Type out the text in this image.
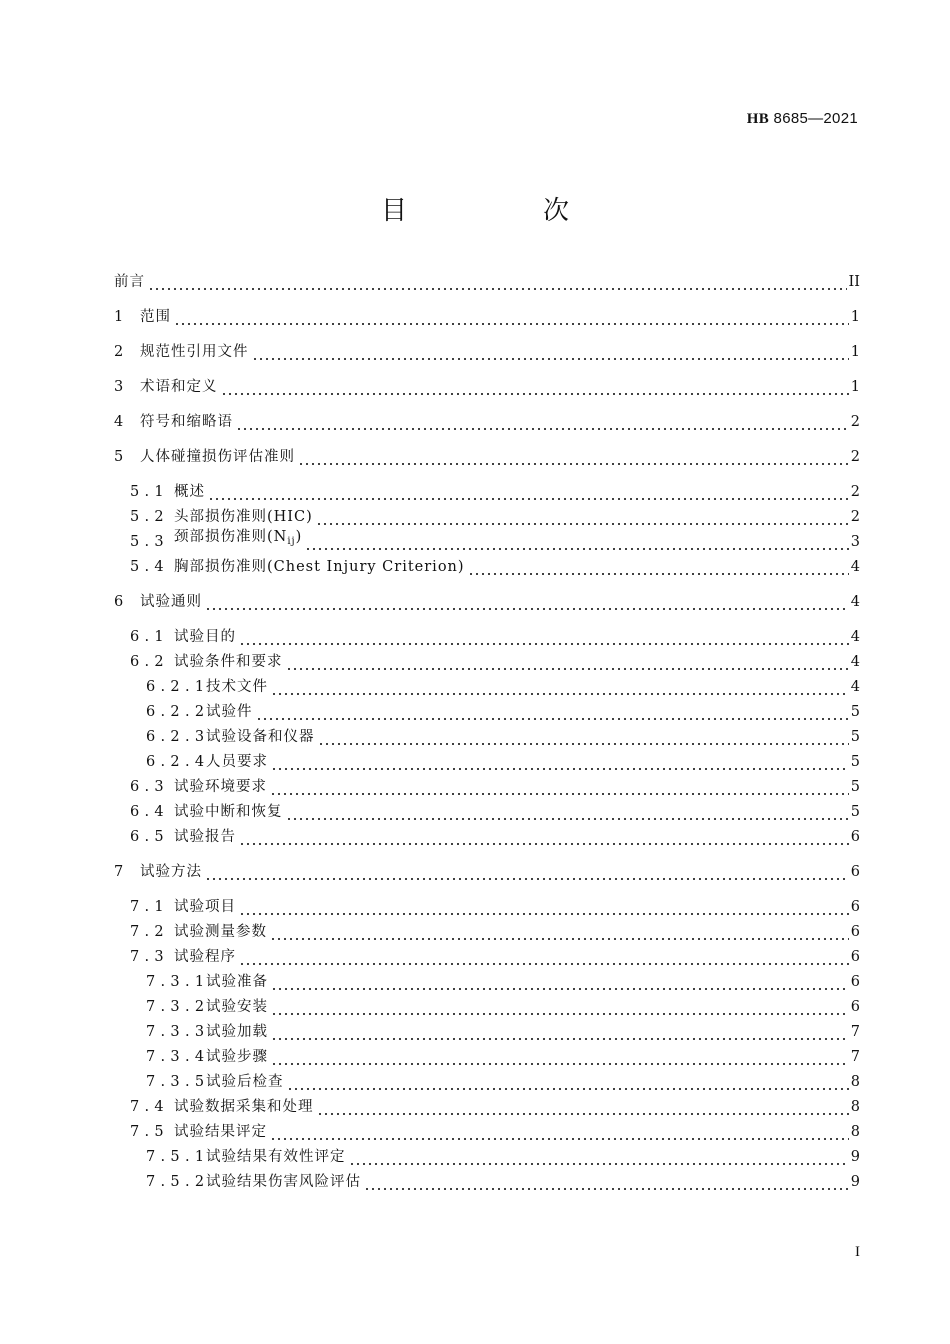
HB 8685—2021
目　次
前言	II
1	范围	1
2	规范性引用文件	1
3	术语和定义	1
4	符号和缩略语	2
5	人体碰撞损伤评估准则	2
5 . 1 概述	2
5 . 2 头部损伤准则(HIC)	2
5 . 3 颈部损伤准则$(N_{ij})$	3
5 . 4 胸部损伤准则(Chest Injury Criterion)	4
6	试验通则	4
6 . 1 试验目的	4
6 . 2 试验条件和要求	4
6 . 2 . 1 技术文件	4
6 . 2 . 2 试验件	5
6 . 2 . 3 试验设备和仪器	5
6 . 2 . 4 人员要求	5
6 . 3 试验环境要求	5
6 . 4 试验中断和恢复	5
6 . 5 试验报告	6
7	试验方法	6
7 . 1 试验项目	6
7 . 2 试验测量参数	6
7 . 3 试验程序	6
7 . 3 . 1 试验准备	6
7 . 3 . 2 试验安装	6
7 . 3 . 3 试验加载	7
7 . 3 . 4 试验步骤	7
7 . 3 . 5 试验后检查	8
7 . 4 试验数据采集和处理	8
7 . 5 试验结果评定	8
7 . 5 . 1 试验结果有效性评定	9
7 . 5 . 2 试验结果伤害风险评估	9
I
